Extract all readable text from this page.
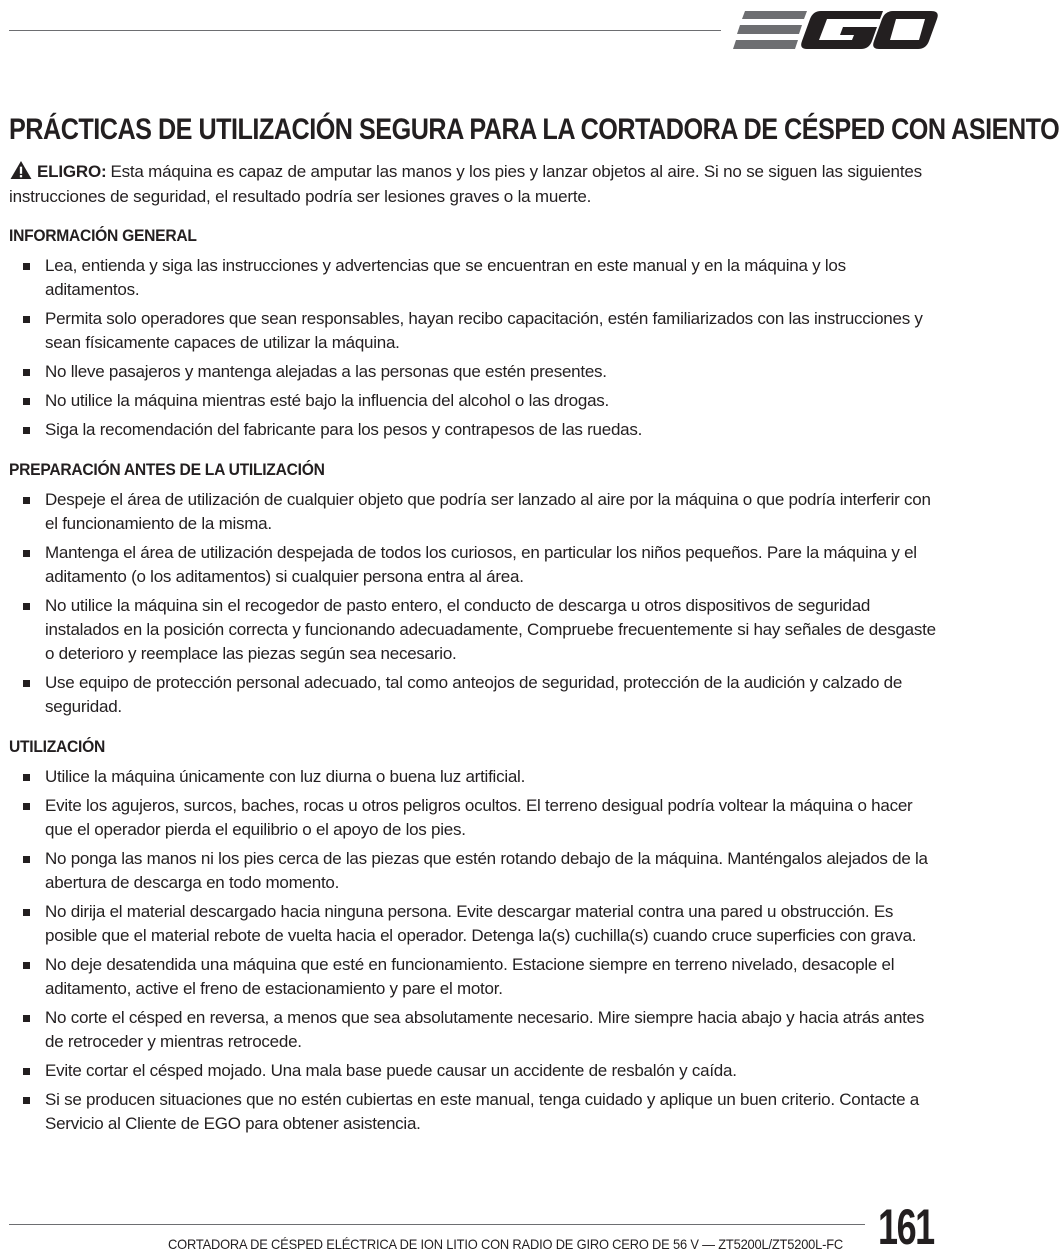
PRÁCTICAS DE UTILIZACIÓN SEGURA PARA LA CORTADORA DE CÉSPED CON ASIENTO

ELIGRO: Esta máquina es capaz de amputar las manos y los pies y lanzar objetos al aire. Si no se siguen las siguientes instrucciones de seguridad, el resultado podría ser lesiones graves o la muerte.

INFORMACIÓN GENERAL
Lea, entienda y siga las instrucciones y advertencias que se encuentran en este manual y en la máquina y los aditamentos.
Permita solo operadores que sean responsables, hayan recibo capacitación, estén familiarizados con las instrucciones y sean físicamente capaces de utilizar la máquina.
No lleve pasajeros y mantenga alejadas a las personas que estén presentes.
No utilice la máquina mientras esté bajo la influencia del alcohol o las drogas.
Siga la recomendación del fabricante para los pesos y contrapesos de las ruedas.
PREPARACIÓN ANTES DE LA UTILIZACIÓN
Despeje el área de utilización de cualquier objeto que podría ser lanzado al aire por la máquina o que podría interferir con el funcionamiento de la misma.
Mantenga el área de utilización despejada de todos los curiosos, en particular los niños pequeños. Pare la máquina y el aditamento (o los aditamentos) si cualquier persona entra al área.
No utilice la máquina sin el recogedor de pasto entero, el conducto de descarga u otros dispositivos de seguridad instalados en la posición correcta y funcionando adecuadamente, Compruebe frecuentemente si hay señales de desgaste o deterioro y reemplace las piezas según sea necesario.
Use equipo de protección personal adecuado, tal como anteojos de seguridad, protección de la audición y calzado de seguridad.
UTILIZACIÓN
Utilice la máquina únicamente con luz diurna o buena luz artificial.
Evite los agujeros, surcos, baches, rocas u otros peligros ocultos. El terreno desigual podría voltear la máquina o hacer que el operador pierda el equilibrio o el apoyo de los pies.
No ponga las manos ni los pies cerca de las piezas que estén rotando debajo de la máquina. Manténgalos alejados de la abertura de descarga en todo momento.
No dirija el material descargado hacia ninguna persona. Evite descargar material contra una pared u obstrucción. Es posible que el material rebote de vuelta hacia el operador. Detenga la(s) cuchilla(s) cuando cruce superficies con grava.
No deje desatendida una máquina que esté en funcionamiento. Estacione siempre en terreno nivelado, desacople el aditamento, active el freno de estacionamiento y pare el motor.
No corte el césped en reversa, a menos que sea absolutamente necesario. Mire siempre hacia abajo y hacia atrás antes de retroceder y mientras retrocede.
Evite cortar el césped mojado. Una mala base puede causar un accidente de resbalón y caída.
Si se producen situaciones que no estén cubiertas en este manual, tenga cuidado y aplique un buen criterio. Contacte a Servicio al Cliente de EGO para obtener asistencia.
CORTADORA DE CÉSPED ELÉCTRICA DE ION LITIO CON RADIO DE GIRO CERO DE 56 V — ZT5200L/ZT5200L-FC 161
